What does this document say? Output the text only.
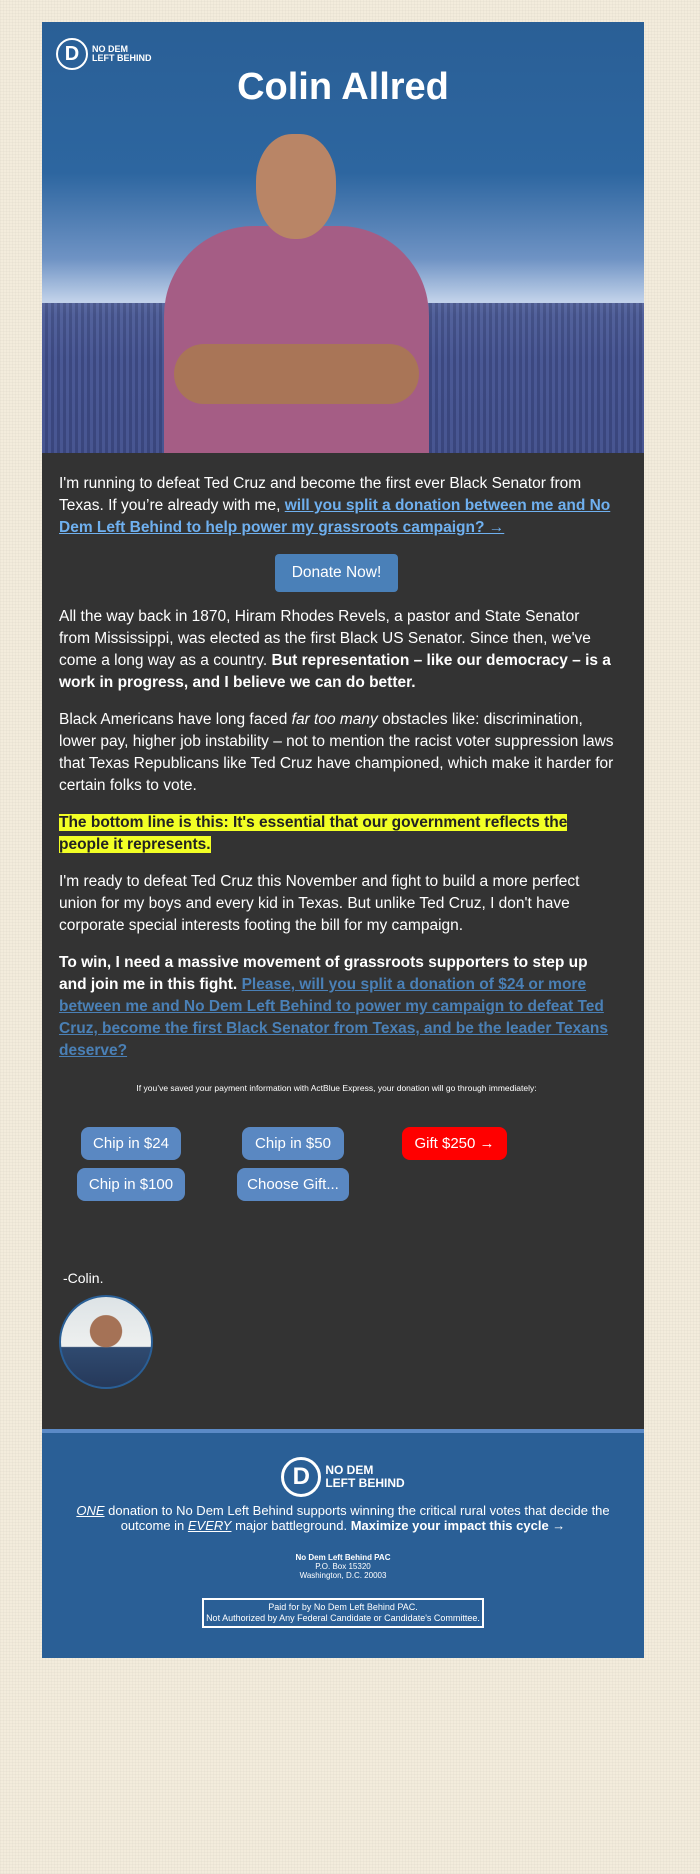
D	NO DEM
LEFT BEHIND
Colin Allred

I'm running to defeat Ted Cruz and become the first ever Black Senator from Texas. If you’re already with me, will you split a donation between me and No Dem Left Behind to help power my grassroots campaign? →

Donate Now!

All the way back in 1870, Hiram Rhodes Revels, a pastor and State Senator from Mississippi, was elected as the first Black US Senator. Since then, we've come a long way as a country. But representation – like our democracy – is a work in progress, and I believe we can do better.

Black Americans have long faced far too many obstacles like: discrimination, lower pay, higher job instability – not to mention the racist voter suppression laws that Texas Republicans like Ted Cruz have championed, which make it harder for certain folks to vote.

The bottom line is this: It's essential that our government reflects the people it represents.

I'm ready to defeat Ted Cruz this November and fight to build a more perfect union for my boys and every kid in Texas. But unlike Ted Cruz, I don't have corporate special interests footing the bill for my campaign.

To win, I need a massive movement of grassroots supporters to step up and join me in this fight. Please, will you split a donation of $24 or more between me and No Dem Left Behind to power my campaign to defeat Ted Cruz, become the first Black Senator from Texas, and be the leader Texans deserve?

If you’ve saved your payment information with ActBlue Express, your donation will go through immediately:
Chip in $24	Chip in $50	Gift $250 →
Chip in $100	Choose Gift...
-Colin.
D	NO DEM
LEFT BEHIND
ONE donation to No Dem Left Behind supports winning the critical rural votes that decide the outcome in EVERY major battleground. Maximize your impact this cycle →
No Dem Left Behind PAC
P.O. Box 15320
Washington, D.C. 20003
Paid for by No Dem Left Behind PAC.
Not Authorized by Any Federal Candidate or Candidate's Committee.
